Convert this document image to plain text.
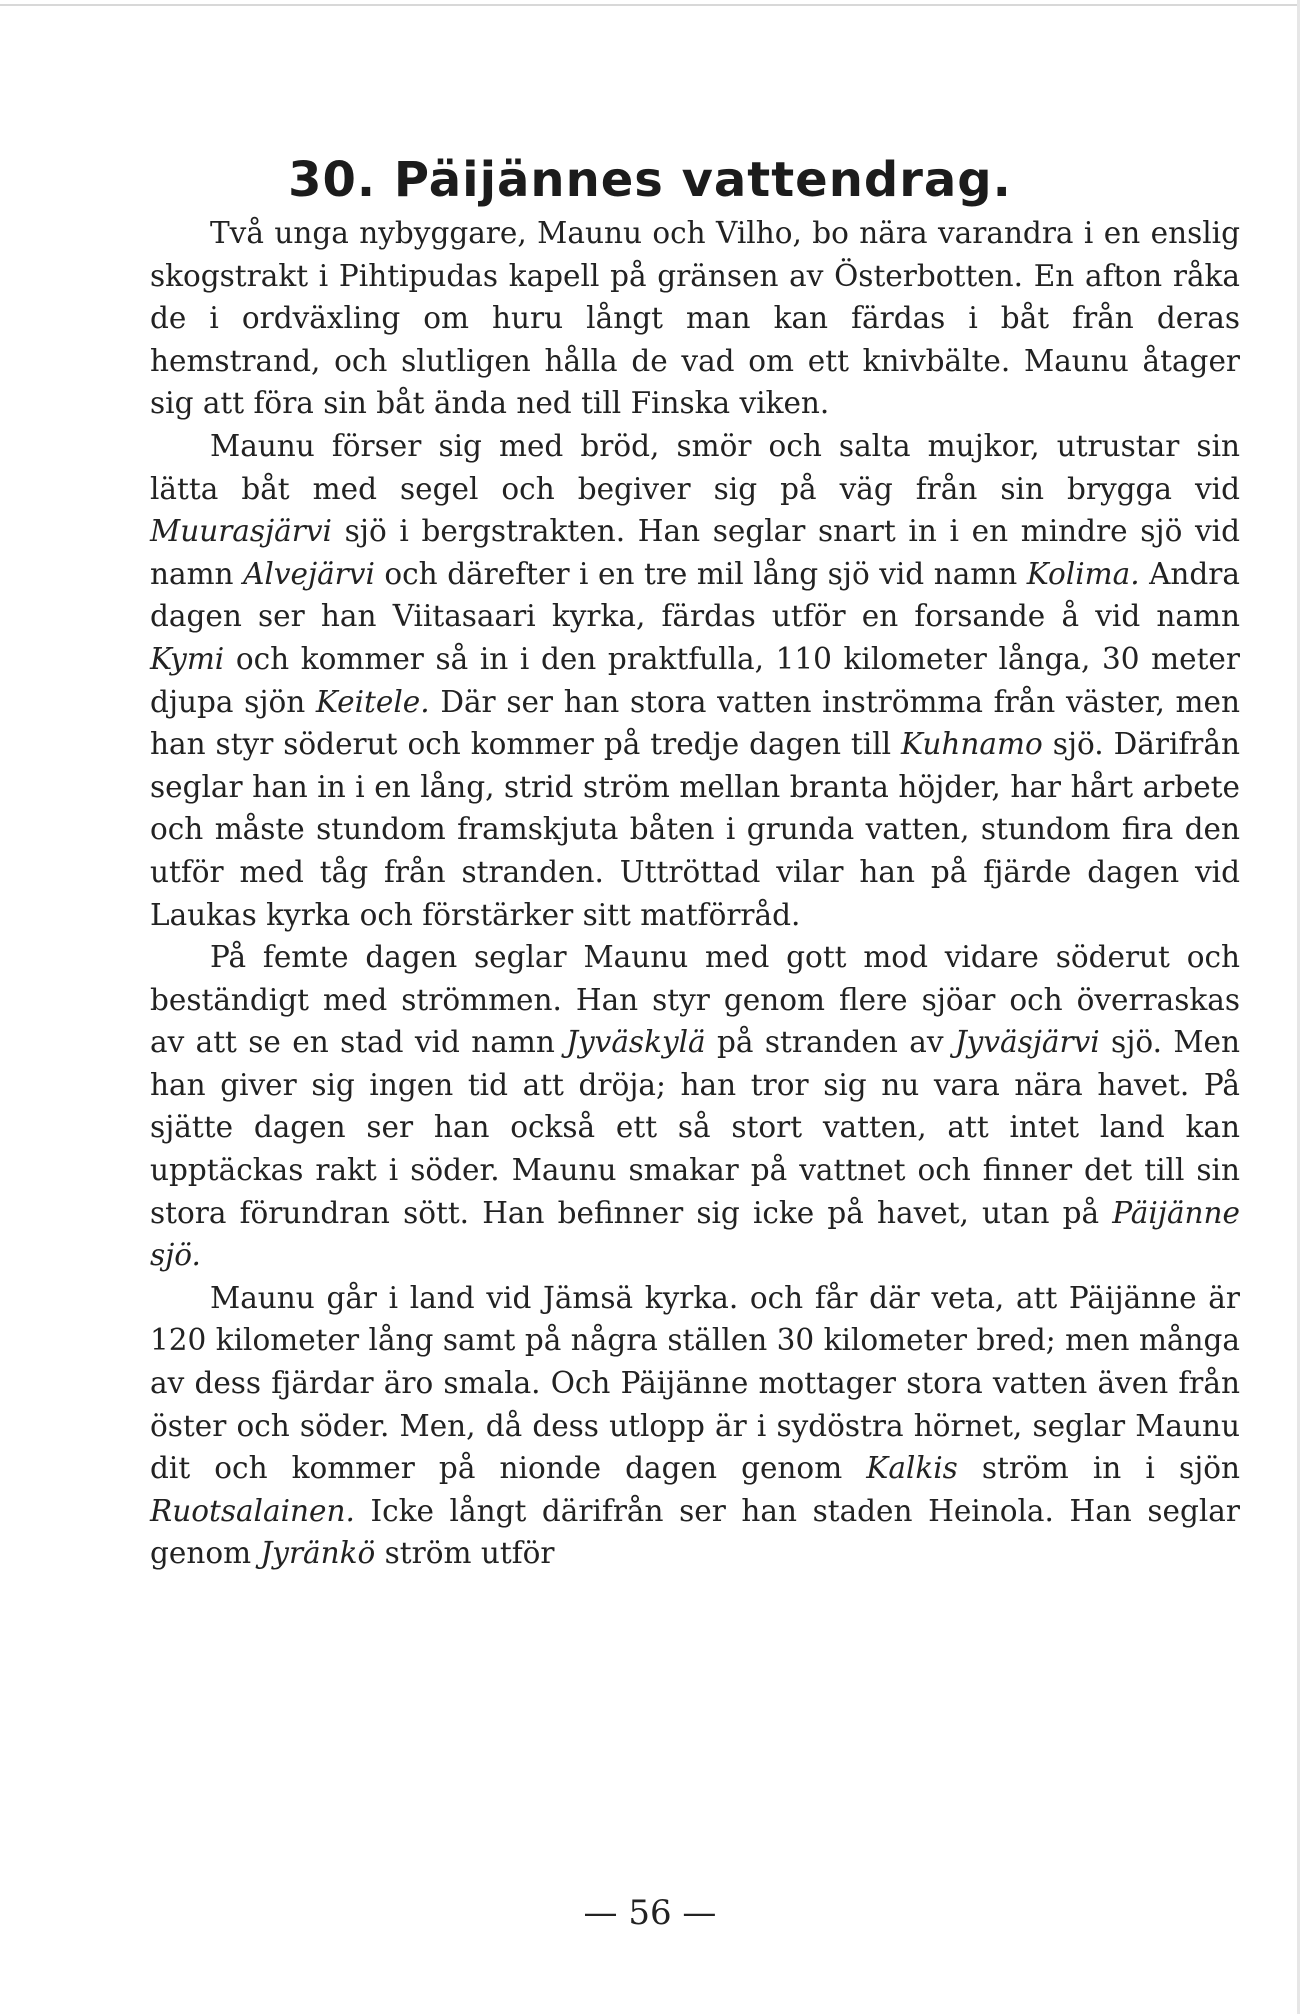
30. Päijännes vattendrag.

Två unga nybyggare, Maunu och Vilho, bo nära varandra i en enslig skogstrakt i Pihtipudas kapell på gränsen av Österbotten. En afton råka de i ordväxling om huru långt man kan färdas i båt från deras hemstrand, och slutligen hålla de vad om ett knivbälte. Maunu åtager sig att föra sin båt ända ned till Finska viken.

Maunu förser sig med bröd, smör och salta mujkor, utrustar sin lätta båt med segel och begiver sig på väg från sin brygga vid Muurasjärvi sjö i bergstrakten. Han seglar snart in i en mindre sjö vid namn Alvejärvi och därefter i en tre mil lång sjö vid namn Kolima. Andra dagen ser han Viitasaari kyrka, färdas utför en forsande å vid namn Kymi och kommer så in i den praktfulla, 110 kilometer långa, 30 meter djupa sjön Keitele. Där ser han stora vatten inströmma från väster, men han styr söderut och kommer på tredje dagen till Kuhnamo sjö. Därifrån seglar han in i en lång, strid ström mellan branta höjder, har hårt arbete och måste stundom framskjuta båten i grunda vatten, stundom fira den utför med tåg från stranden. Uttröttad vilar han på fjärde dagen vid Laukas kyrka och förstärker sitt matförråd.

På femte dagen seglar Maunu med gott mod vidare söderut och beständigt med strömmen. Han styr genom flere sjöar och överraskas av att se en stad vid namn Jyväskylä på stranden av Jyväsjärvi sjö. Men han giver sig ingen tid att dröja; han tror sig nu vara nära havet. På sjätte dagen ser han också ett så stort vatten, att intet land kan upptäckas rakt i söder. Maunu smakar på vattnet och finner det till sin stora förundran sött. Han befinner sig icke på havet, utan på Päijänne sjö.

Maunu går i land vid Jämsä kyrka. och får där veta, att Päijänne är 120 kilometer lång samt på några ställen 30 kilometer bred; men många av dess fjärdar äro smala. Och Päijänne mottager stora vatten även från öster och söder. Men, då dess utlopp är i sydöstra hörnet, seglar Maunu dit och kommer på nionde dagen genom Kalkis ström in i sjön Ruotsalainen. Icke långt därifrån ser han staden Heinola. Han seglar genom Jyränkö ström utför

— 56 —
